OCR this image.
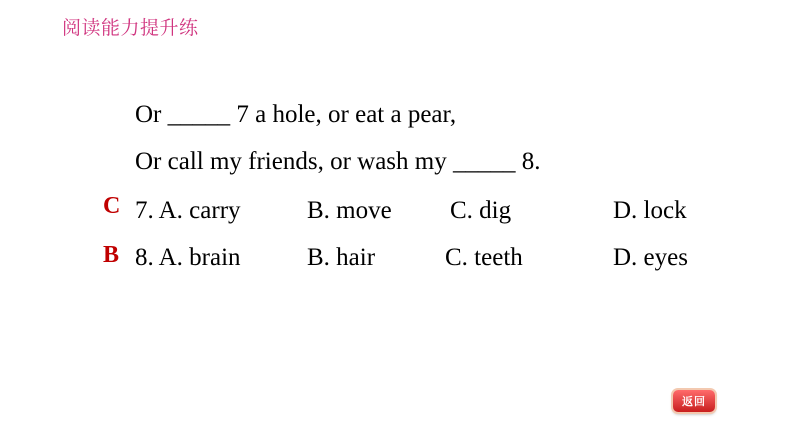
阅读能力提升练
Or _____ 7 a hole, or eat a pear,
Or call my friends, or wash my _____ 8.
C 7. A. carry	B. move C. dig	D. lock
B 8. A. brain	B. hair	C. teeth	D. eyes
返回
